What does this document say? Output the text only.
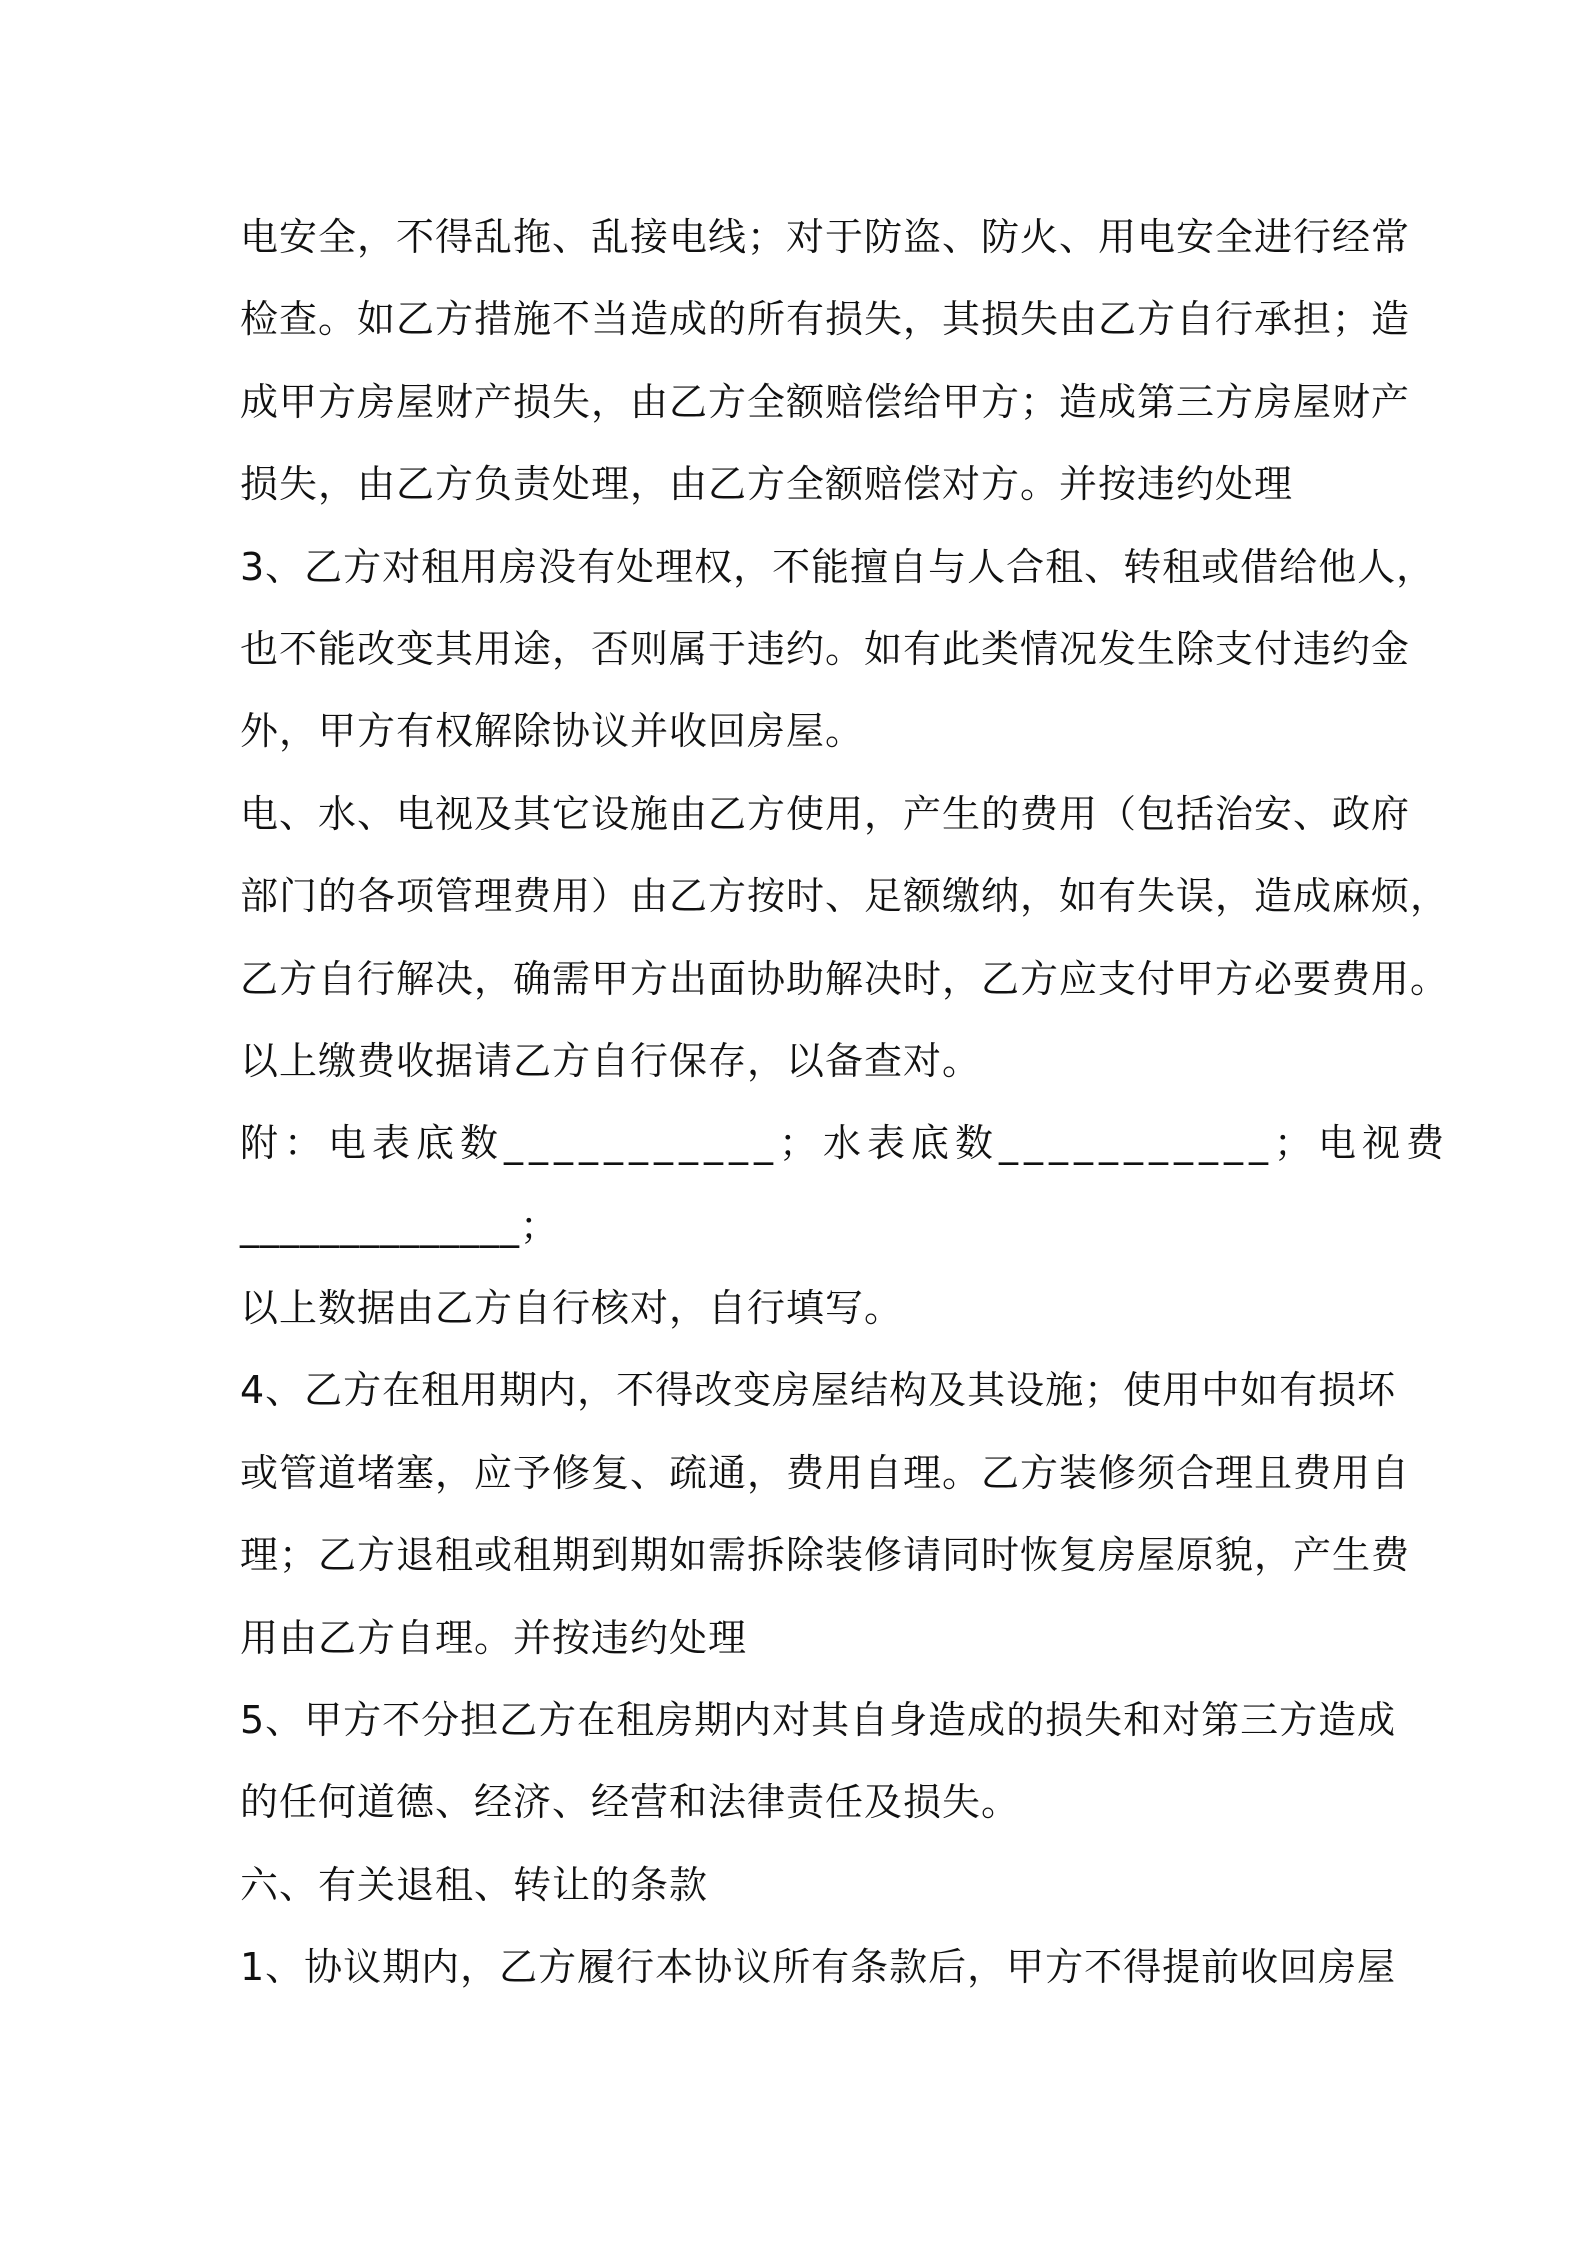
电安全，不得乱拖、乱接电线；对于防盗、防火、用电安全进行经常
检查。如乙方措施不当造成的所有损失，其损失由乙方自行承担；造
成甲方房屋财产损失，由乙方全额赔偿给甲方；造成第三方房屋财产
损失，由乙方负责处理，由乙方全额赔偿对方。并按违约处理
3、乙方对租用房没有处理权，不能擅自与人合租、转租或借给他人，
也不能改变其用途，否则属于违约。如有此类情况发生除支付违约金
外，甲方有权解除协议并收回房屋。
电、水、电视及其它设施由乙方使用，产生的费用（包括治安、政府
部门的各项管理费用）由乙方按时、足额缴纳，如有失误，造成麻烦，
乙方自行解决，确需甲方出面协助解决时，乙方应支付甲方必要费用。
以上缴费收据请乙方自行保存，以备查对。
附：电表底数___________；水表底数___________；电视费
______________；
以上数据由乙方自行核对，自行填写。
4、乙方在租用期内，不得改变房屋结构及其设施；使用中如有损坏
或管道堵塞，应予修复、疏通，费用自理。乙方装修须合理且费用自
理；乙方退租或租期到期如需拆除装修请同时恢复房屋原貌，产生费
用由乙方自理。并按违约处理
5、甲方不分担乙方在租房期内对其自身造成的损失和对第三方造成
的任何道德、经济、经营和法律责任及损失。
六、有关退租、转让的条款
1、协议期内，乙方履行本协议所有条款后，甲方不得提前收回房屋
